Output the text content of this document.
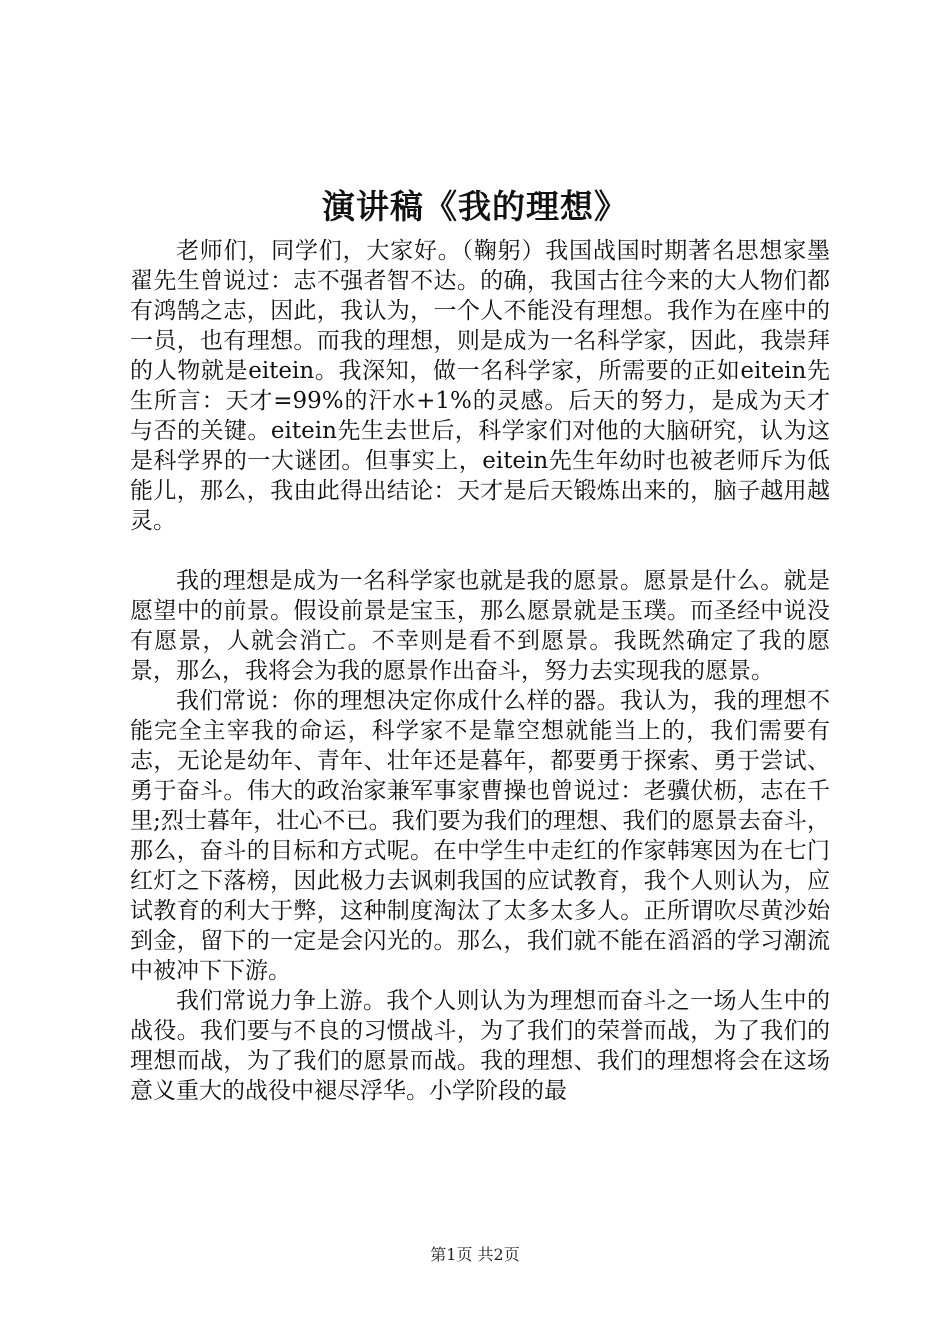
演讲稿《我的理想》

老师们，同学们，大家好。（鞠躬）我国战国时期著名思想家墨翟先生曾说过：志不强者智不达。的确，我国古往今来的大人物们都有鸿鹄之志，因此，我认为，一个人不能没有理想。我作为在座中的一员，也有理想。而我的理想，则是成为一名科学家，因此，我崇拜的人物就是eitein。我深知，做一名科学家，所需要的正如eitein先生所言：天才=99%的汗水+1%的灵感。后天的努力，是成为天才与否的关键。eitein先生去世后，科学家们对他的大脑研究，认为这是科学界的一大谜团。但事实上，eitein先生年幼时也被老师斥为低能儿，那么，我由此得出结论：天才是后天锻炼出来的，脑子越用越灵。

我的理想是成为一名科学家也就是我的愿景。愿景是什么。就是愿望中的前景。假设前景是宝玉，那么愿景就是玉璞。而圣经中说没有愿景，人就会消亡。不幸则是看不到愿景。我既然确定了我的愿景，那么，我将会为我的愿景作出奋斗，努力去实现我的愿景。

我们常说：你的理想决定你成什么样的器。我认为，我的理想不能完全主宰我的命运，科学家不是靠空想就能当上的，我们需要有志，无论是幼年、青年、壮年还是暮年，都要勇于探索、勇于尝试、勇于奋斗。伟大的政治家兼军事家曹操也曾说过：老骥伏枥，志在千里;烈士暮年，壮心不已。我们要为我们的理想、我们的愿景去奋斗，那么，奋斗的目标和方式呢。在中学生中走红的作家韩寒因为在七门红灯之下落榜，因此极力去讽刺我国的应试教育，我个人则认为，应试教育的利大于弊，这种制度淘汰了太多太多人。正所谓吹尽黄沙始到金，留下的一定是会闪光的。那么，我们就不能在滔滔的学习潮流中被冲下下游。

我们常说力争上游。我个人则认为为理想而奋斗之一场人生中的战役。我们要与不良的习惯战斗，为了我们的荣誉而战，为了我们的理想而战，为了我们的愿景而战。我的理想、我们的理想将会在这场意义重大的战役中褪尽浮华。小学阶段的最

第1页 共2页
